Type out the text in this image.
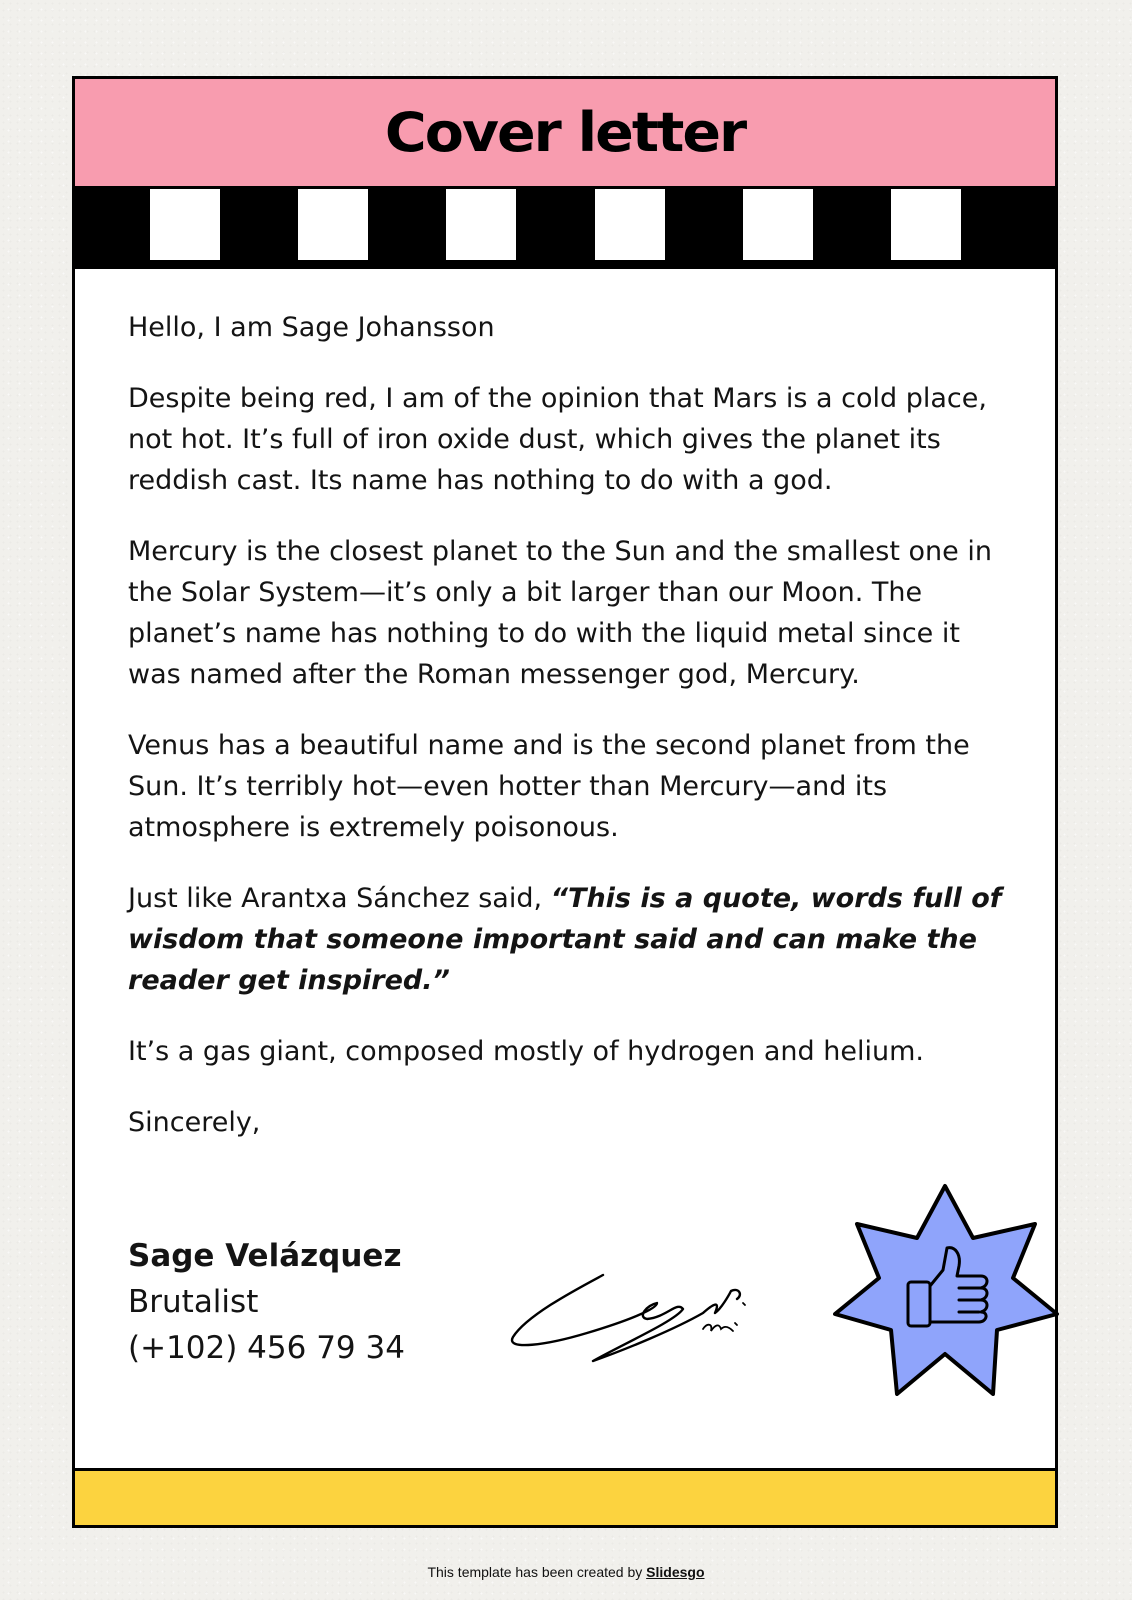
Cover letter

Hello, I am Sage Johansson

Despite being red, I am of the opinion that Mars is a cold place, not hot. It’s full of iron oxide dust, which gives the planet its reddish cast. Its name has nothing to do with a god.

Mercury is the closest planet to the Sun and the smallest one in the Solar System—it’s only a bit larger than our Moon. The planet’s name has nothing to do with the liquid metal since it was named after the Roman messenger god, Mercury.

Venus has a beautiful name and is the second planet from the Sun. It’s terribly hot—even hotter than Mercury—and its atmosphere is extremely poisonous.

Just like Arantxa Sánchez said, “This is a quote, words full of wisdom that someone important said and can make the reader get inspired.”

It’s a gas giant, composed mostly of hydrogen and helium.

Sincerely,

Sage Velázquez
Brutalist
(+102) 456 79 34
This template has been created by Slidesgo
